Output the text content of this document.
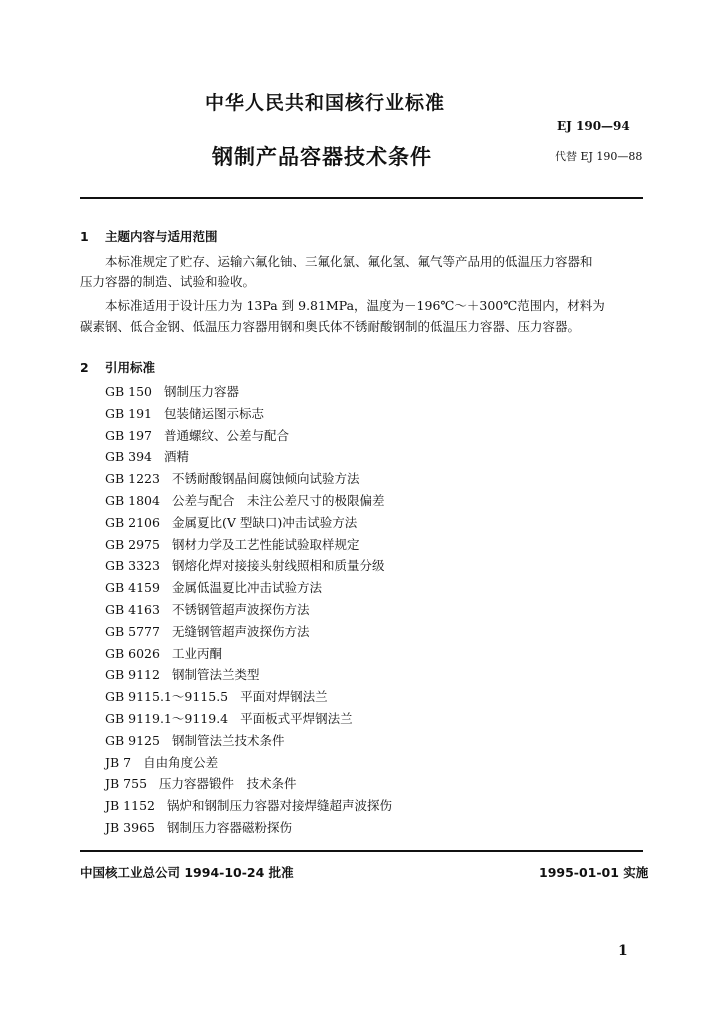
中华人民共和国核行业标准
EJ 190—94
钢制产品容器技术条件	代替 EJ 190—88
1 主题内容与适用范围
本标准规定了贮存、运输六氟化铀、三氟化氯、氟化氢、氟气等产品用的低温压力容器和
压力容器的制造、试验和验收。
本标准适用于设计压力为 13Pa 到 9.81MPa，温度为－196℃～＋300℃范围内，材料为
碳素钢、低合金钢、低温压力容器用钢和奥氏体不锈耐酸钢制的低温压力容器、压力容器。
2 引用标准
GB 150 钢制压力容器
GB 191 包装储运图示标志
GB 197 普通螺纹、公差与配合
GB 394 酒精
GB 1223 不锈耐酸钢晶间腐蚀倾向试验方法
GB 1804 公差与配合　未注公差尺寸的极限偏差
GB 2106 金属夏比(V 型缺口)冲击试验方法
GB 2975 钢材力学及工艺性能试验取样规定
GB 3323 钢熔化焊对接接头射线照相和质量分级
GB 4159 金属低温夏比冲击试验方法
GB 4163 不锈钢管超声波探伤方法
GB 5777 无缝钢管超声波探伤方法
GB 6026 工业丙酮
GB 9112 钢制管法兰类型
GB 9115.1～9115.5 平面对焊钢法兰
GB 9119.1～9119.4 平面板式平焊钢法兰
GB 9125 钢制管法兰技术条件
JB 7 自由角度公差
JB 755 压力容器锻件　技术条件
JB 1152 锅炉和钢制压力容器对接焊缝超声波探伤
JB 3965 钢制压力容器磁粉探伤
中国核工业总公司 1994-10-24 批准	1995-01-01 实施
1
